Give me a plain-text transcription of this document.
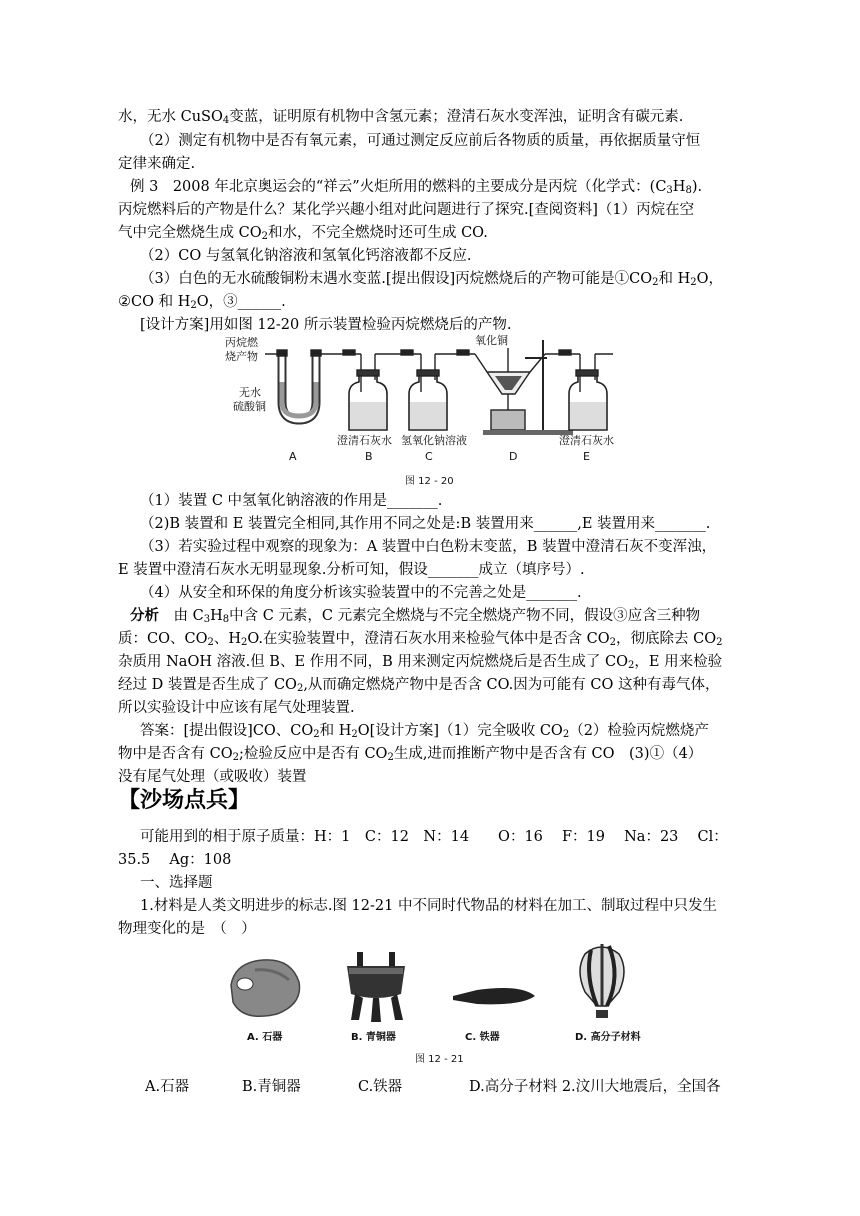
水，无水 CuSO$_4$变蓝，证明原有机物中含氢元素；澄清石灰水变浑浊，证明含有碳元素.
（2）测定有机物中是否有氧元素，可通过测定反应前后各物质的质量，再依据质量守恒
定律来确定.
例 3　2008 年北京奥运会的“祥云”火炬所用的燃料的主要成分是丙烷（化学式：$(C_3H_8)$.
丙烷燃料后的产物是什么？某化学兴趣小组对此问题进行了探究.[查阅资料]（1）丙烷在空
气中完全燃烧生成 $CO_2$和水，不完全燃烧时还可生成 CO.
（2）CO 与氢氧化钠溶液和氢氧化钙溶液都不反应.
（3）白色的无水硫酸铜粉末遇水变蓝.[提出假设]丙烷燃烧后的产物可能是$①CO_2$和 $H_2O$，
②CO 和 $H_2O$，③______.
[设计方案]用如图 12-20 所示装置检验丙烷燃烧后的产物.
丙烷燃
烧产物
无水
硫酸铜
氧化铜
澄清石灰水 氢氧化钠溶液	澄清石灰水
A	B	C	D	E
图 12 - 20
（1）装置 C 中氢氧化钠溶液的作用是_______.
（2)B 装置和 E 装置完全相同,其作用不同之处是:B 装置用来______,E 装置用来_______.
（3）若实验过程中观察的现象为：A 装置中白色粉末变蓝，B 装置中澄清石灰不变浑浊，
E 装置中澄清石灰水无明显现象.分析可知，假设_______成立（填序号）.
（4）从安全和环保的角度分析该实验装置中的不完善之处是_______.
分析　由 $C_3H_8$中含 C 元素，C 元素完全燃烧与不完全燃烧产物不同，假设③应含三种物
质：CO、$CO_2$、$H_2O$.在实验装置中，澄清石灰水用来检验气体中是否含 $CO_2$，彻底除去 $CO_2$
杂质用 NaOH 溶液.但 B、E 作用不同，B 用来测定丙烷燃烧后是否生成了 $CO_2$，E 用来检验
经过 D 装置是否生成了 $CO_2$,从而确定燃烧产物中是否含 CO.因为可能有 CO 这种有毒气体，
所以实验设计中应该有尾气处理装置.
答案：[提出假设]CO、$CO_2$和 $H_2O$[设计方案]（1）完全吸收 $CO_2(2)$检验丙烷燃烧产
物中是否含有 $CO_2$;检验反应中是否有 $CO_2$生成,进而推断产物中是否含有 CO　(3)①（4）
没有尾气处理（或吸收）装置
【沙场点兵】
可能用到的相于原子质量：H：1　C：12　N：14　　O：16　 F：19　 Na：23　 Cl：
35.5　 Ag：108
一、选择题
1.材料是人类文明进步的标志.图 12-21 中不同时代物品的材料在加工、制取过程中只发生
物理变化的是　（　）
A. 石器	B. 青铜器	C. 铁器	D. 高分子材料
图 12 - 21
A.石器	B.青铜器	C.铁器	D.高分子材料 2.汶川大地震后，全国各
